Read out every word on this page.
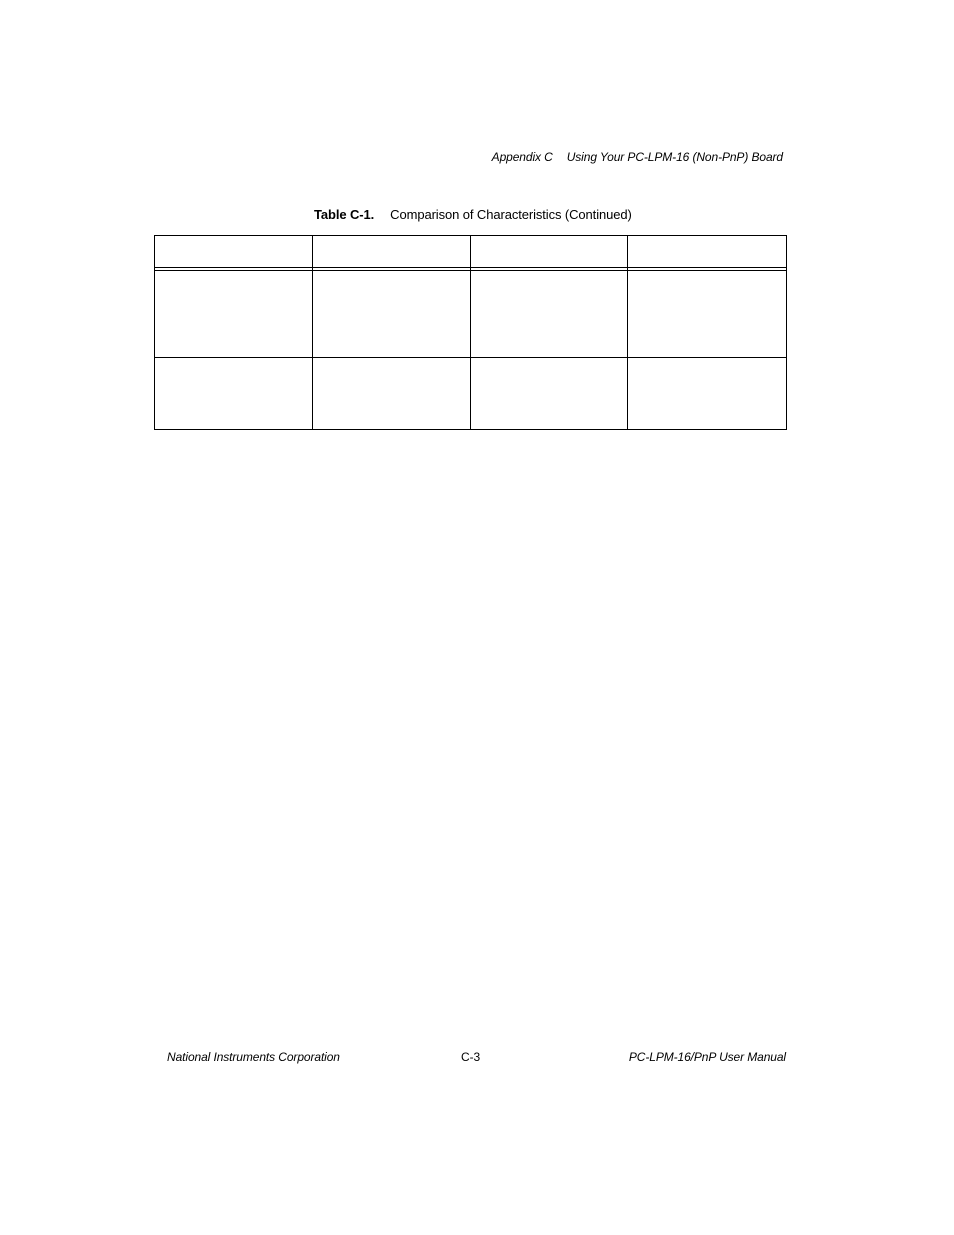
Appendix C Using Your PC-LPM-16 (Non-PnP) Board
Table C-1. Comparison of Characteristics (Continued)

National Instruments Corporation	C-3	PC-LPM-16/PnP User Manual
